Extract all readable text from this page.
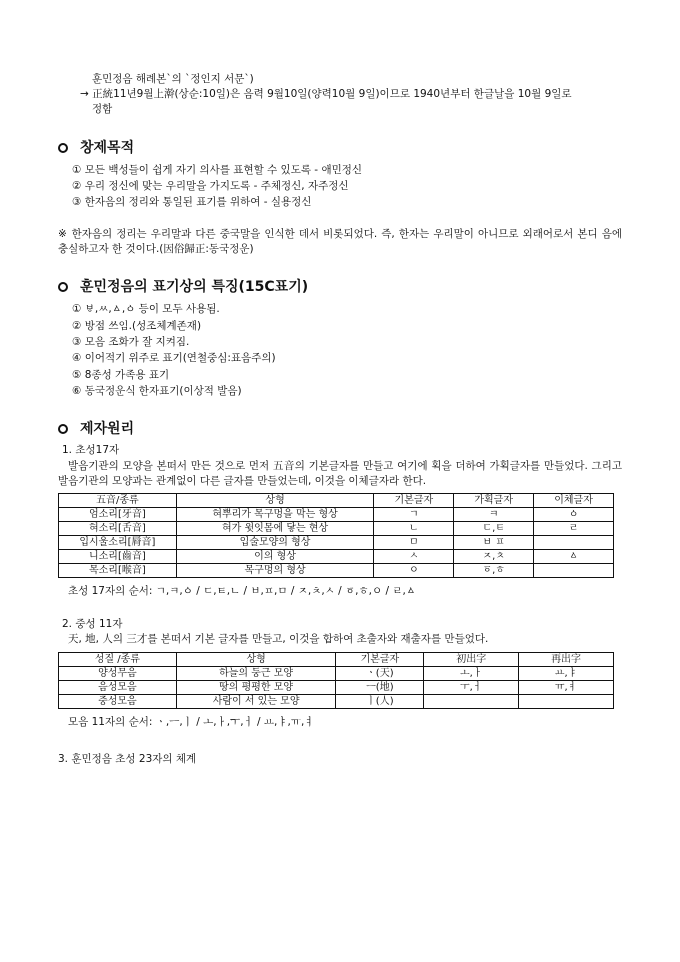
훈민정음 해례본`의 `정인지 서문`)
→ 正統11년9월上澣(상순:10일)은 음력 9월10일(양력10월 9일)이므로 1940년부터 한글날을 10월 9일로
정함
창제목적
① 모든 백성들이 쉽게 자기 의사를 표현할 수 있도록 - 애민정신
② 우리 정신에 맞는 우리말을 가지도록 - 주체정신, 자주정신
③ 한자음의 정리와 통일된 표기를 위하여 - 실용정신
※ 한자음의 정리는 우리말과 다른 중국말을 인식한 데서 비롯되었다. 즉, 한자는 우리말이 아니므로 외래어로서 본디 음에 충실하고자 한 것이다.(因俗歸正:동국정운)
훈민정음의 표기상의 특징(15C표기)
① ㅸ,ㅆ,ㅿ,ㆁ 등이 모두 사용됨.
② 방점 쓰임.(성조체계존재)
③ 모음 조화가 잘 지켜짐.
④ 이어적기 위주로 표기(연철중심:표음주의)
⑤ 8종성 가족용 표기
⑥ 동국정운식 한자표기(이상적 발음)
제자원리
1. 초성17자
발음기관의 모양을 본떠서 만든 것으로 먼저 五音의 기본글자를 만들고 여기에 획을 더하여 가획글자를 만들었다. 그리고 발음기관의 모양과는 관계없이 다른 글자를 만들었는데, 이것을 이체글자라 한다.
五音/종류	상형	기본글자	가획글자	이체글자
엄소리[牙音]	혀뿌리가 목구멍을 막는 형상	ㄱ	ㅋ	ㆁ
혀소리[舌音]	혀가 윗잇몸에 닿는 현상	ㄴ	ㄷ,ㅌ	ㄹ
입시울소리[脣音]	입술모양의 형상	ㅁ	ㅂ ㅍ	
니소리[齒音]	이의 형상	ㅅ	ㅈ,ㅊ	ㅿ
목소리[喉音]	목구멍의 형상	ㅇ	ㆆ,ㅎ	
초성 17자의 순서: ㄱ,ㅋ,ㆁ / ㄷ,ㅌ,ㄴ / ㅂ,ㅍ,ㅁ / ㅈ,ㅊ,ㅅ / ㆆ,ㅎ,ㅇ / ㄹ,ㅿ
2. 중성 11자
天, 地, 人의 三才를 본떠서 기본 글자를 만들고, 이것을 합하여 초출자와 재출자를 만들었다.
성질 /종류	상형	기본글자	初出字	再出字
양성무음	하늘의 둥근 모양	ㆍ(天)	ㅗ,ㅏ	ㅛ,ㅑ
음성모음	땅의 평평한 모양	ㅡ(地)	ㅜ,ㅓ	ㅠ,ㅕ
중성모음	사람이 서 있는 모양	ㅣ(人)		
모음 11자의 순서: ㆍ,ㅡ,ㅣ / ㅗ,ㅏ,ㅜ,ㅓ / ㅛ,ㅑ,ㅠ,ㅕ
3. 훈민정음 초성 23자의 체계
